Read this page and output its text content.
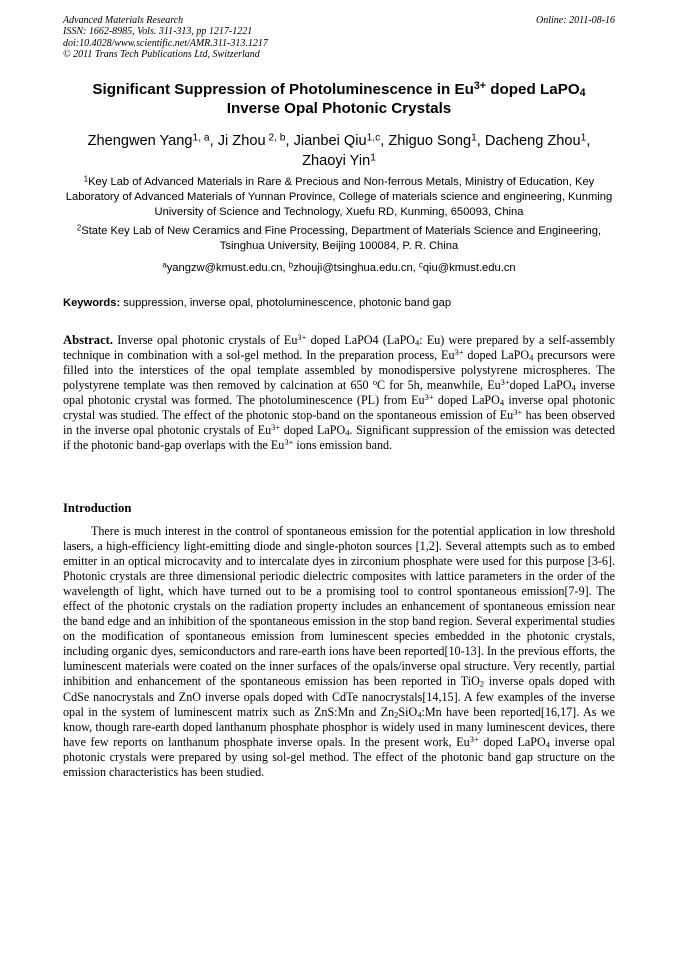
Advanced Materials Research
ISSN: 1662-8985, Vols. 311-313, pp 1217-1221
doi:10.4028/www.scientific.net/AMR.311-313.1217
© 2011 Trans Tech Publications Ltd, Switzerland
Online: 2011-08-16
Significant Suppression of Photoluminescence in $Eu^{3+}$ doped LaPO$_4$
Inverse Opal Photonic Crystals
Zhengwen Yang$^{1, a}$, Ji Zhou $^{2, b}$, Jianbei Qiu$^{1,c}$, Zhiguo Song$^1$, Dacheng Zhou$^1$,
Zhaoyi Yin$^1$
$^1$Key Lab of Advanced Materials in Rare & Precious and Non-ferrous Metals, Ministry of Education, Key Laboratory of Advanced Materials of Yunnan Province, College of materials science and engineering, Kunming University of Science and Technology, Xuefu RD, Kunming, 650093, China
$^2$State Key Lab of New Ceramics and Fine Processing, Department of Materials Science and Engineering, Tsinghua University, Beijing 100084, P. R. China
$^a$yangzw@kmust.edu.cn, $^b$zhouji@tsinghua.edu.cn, $^c$qiu@kmust.edu.cn
Keywords: suppression, inverse opal, photoluminescence, photonic band gap
Abstract. Inverse opal photonic crystals of $Eu^{3+}$ doped LaPO4 (LaPO$_4$: Eu) were prepared by a self-assembly technique in combination with a sol-gel method. In the preparation process, $Eu^{3+}$ doped LaPO$_4$ precursors were filled into the interstices of the opal template assembled by monodispersive polystyrene microspheres. The polystyrene template was then removed by calcination at 650 $^o$C for 5h, meanwhile, $Eu^{3+}doped$ LaPO$_4$ inverse opal photonic crystal was formed. The photoluminescence (PL) from $Eu^{3+}$ doped LaPO$_4$ inverse opal photonic crystal was studied. The effect of the photonic stop-band on the spontaneous emission of $Eu^{3+}$ has been observed in the inverse opal photonic crystals of $Eu^{3+}$ doped LaPO$_4$. Significant suppression of the emission was detected if the photonic band-gap overlaps with the $Eu^{3+}$ ions emission band.
Introduction
There is much interest in the control of spontaneous emission for the potential application in low threshold lasers, a high-efficiency light-emitting diode and single-photon sources [1,2]. Several attempts such as to embed emitter in an optical microcavity and to intercalate dyes in zirconium phosphate were used for this purpose [3-6]. Photonic crystals are three dimensional periodic dielectric composites with lattice parameters in the order of the wavelength of light, which have turned out to be a promising tool to control spontaneous emission[7-9]. The effect of the photonic crystals on the radiation property includes an enhancement of spontaneous emission near the band edge and an inhibition of the spontaneous emission in the stop band region. Several experimental studies on the modification of spontaneous emission from luminescent species embedded in the photonic crystals, including organic dyes, semiconductors and rare-earth ions have been reported[10-13]. In the previous efforts, the luminescent materials were coated on the inner surfaces of the opals/inverse opal structure. Very recently, partial inhibition and enhancement of the spontaneous emission has been reported in TiO$_2$ inverse opals doped with CdSe nanocrystals and ZnO inverse opals doped with CdTe nanocrystals[14,15]. A few examples of the inverse opal in the system of luminescent matrix such as ZnS:Mn and $Zn_2SiO_4:Mn$ have been reported[16,17]. As we know, though rare-earth doped lanthanum phosphate phosphor is widely used in many luminescent devices, there have few reports on lanthanum phosphate inverse opals. In the present work, $Eu^{3+}$ doped LaPO$_4$ inverse opal photonic crystals were prepared by using sol-gel method. The effect of the photonic band gap structure on the emission characteristics has been studied.
